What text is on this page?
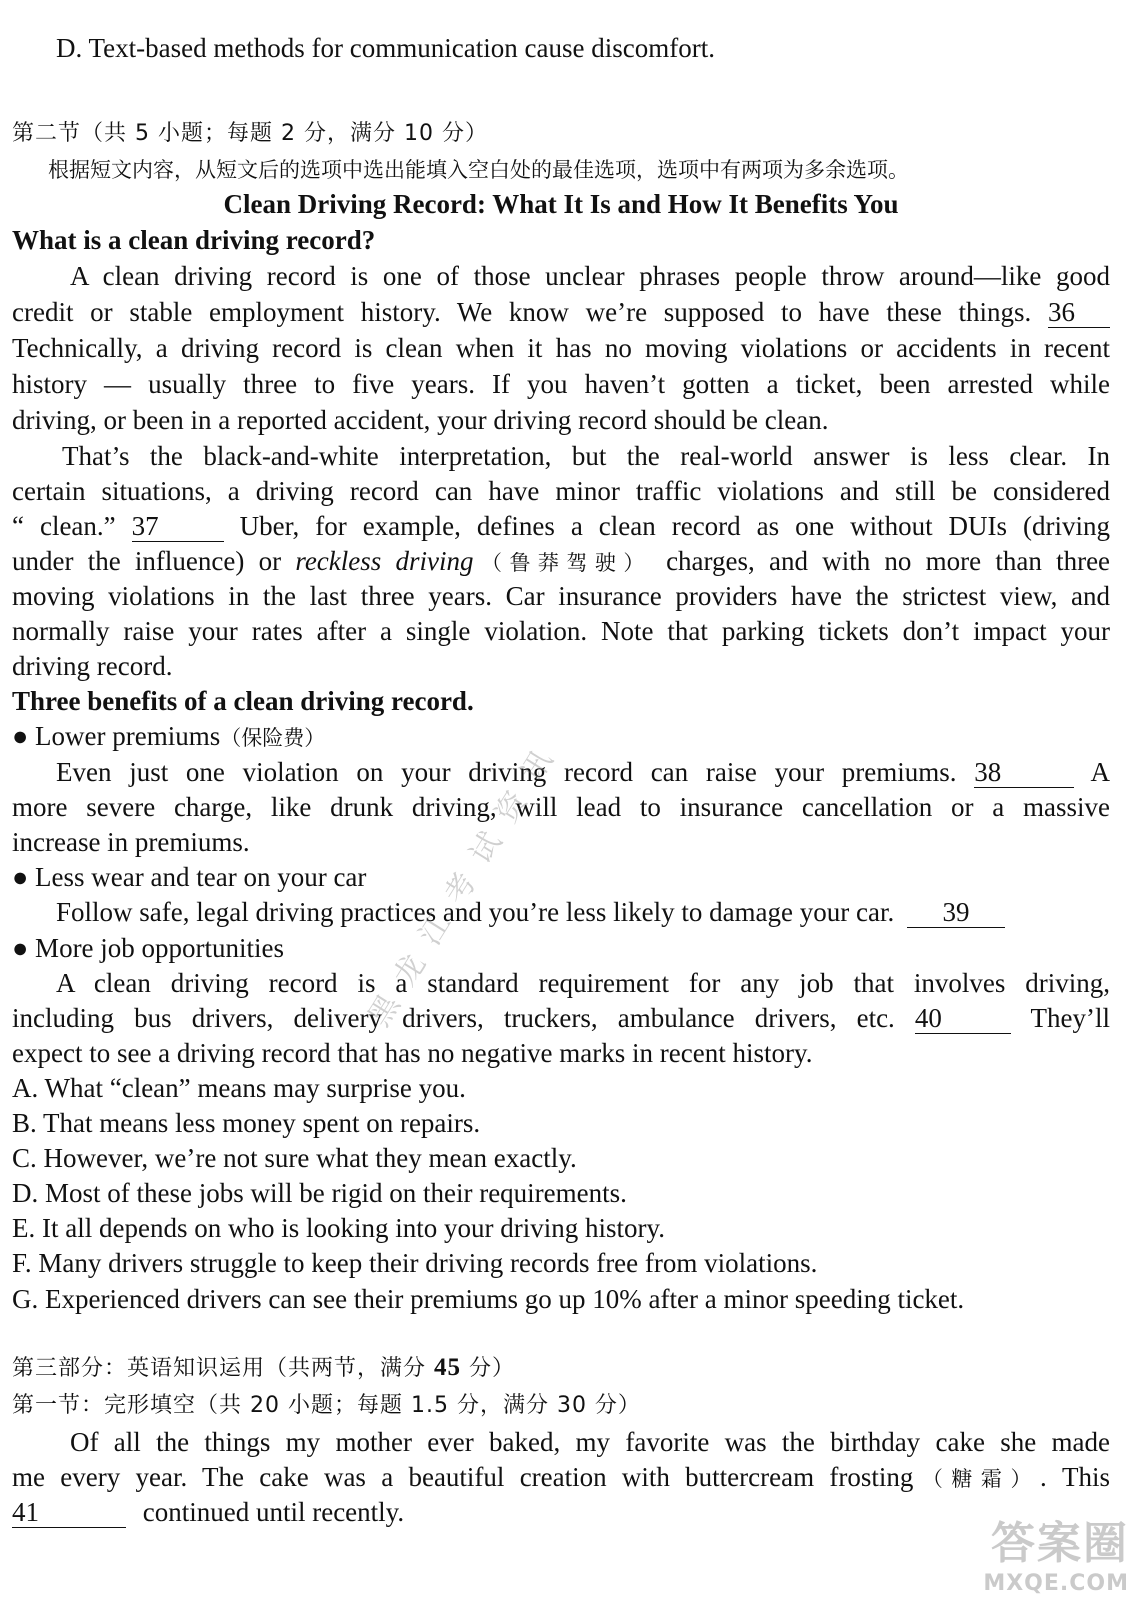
D. Text-based methods for communication cause discomfort.
第二节（共 5 小题；每题 2 分，满分 10 分）
根据短文内容，从短文后的选项中选出能填入空白处的最佳选项，选项中有两项为多余选项。
Clean Driving Record: What It Is and How It Benefits You
What is a clean driving record?
A clean driving record is one of those unclear phrases people throw around—like good
credit or stable employment history. We know we’re supposed to have these things. 36
Technically, a driving record is clean when it has no moving violations or accidents in recent
history — usually three to five years. If you haven’t gotten a ticket, been arrested while
driving, or been in a reported accident, your driving record should be clean.
That’s the black-and-white interpretation, but the real-world answer is less clear. In
certain situations, a driving record can have minor traffic violations and still be considered
“ clean.” 37	Uber, for example, defines a clean record as one without DUIs (driving
under the influence) or reckless driving（鲁莽驾驶） charges, and with no more than three
moving violations in the last three years. Car insurance providers have the strictest view, and
normally raise your rates after a single violation. Note that parking tickets don’t impact your
driving record.
Three benefits of a clean driving record.
● Lower premiums（保险费）
Even just one violation on your driving record can raise your premiums. 38	A
more severe charge, like drunk driving, will lead to insurance cancellation or a massive
increase in premiums.
● Less wear and tear on your car
Follow safe, legal driving practices and you’re less likely to damage your car. 39
● More job opportunities
A clean driving record is a standard requirement for any job that involves driving,
including bus drivers, delivery drivers, truckers, ambulance drivers, etc. 40	They’ll
expect to see a driving record that has no negative marks in recent history.
A. What “clean” means may surprise you.
B. That means less money spent on repairs.
C. However, we’re not sure what they mean exactly.
D. Most of these jobs will be rigid on their requirements.
E. It all depends on who is looking into your driving history.
F. Many drivers struggle to keep their driving records free from violations.
G. Experienced drivers can see their premiums go up 10% after a minor speeding ticket.
第三部分：英语知识运用（共两节，满分 45 分）
第一节：完形填空（共 20 小题；每题 1.5 分，满分 30 分）
Of all the things my mother ever baked, my favorite was the birthday cake she made
me every year. The cake was a beautiful creation with buttercream frosting（糖霜）. This
41	continued until recently.
黑龙江考试资讯
答案圈
MXQE.COM
